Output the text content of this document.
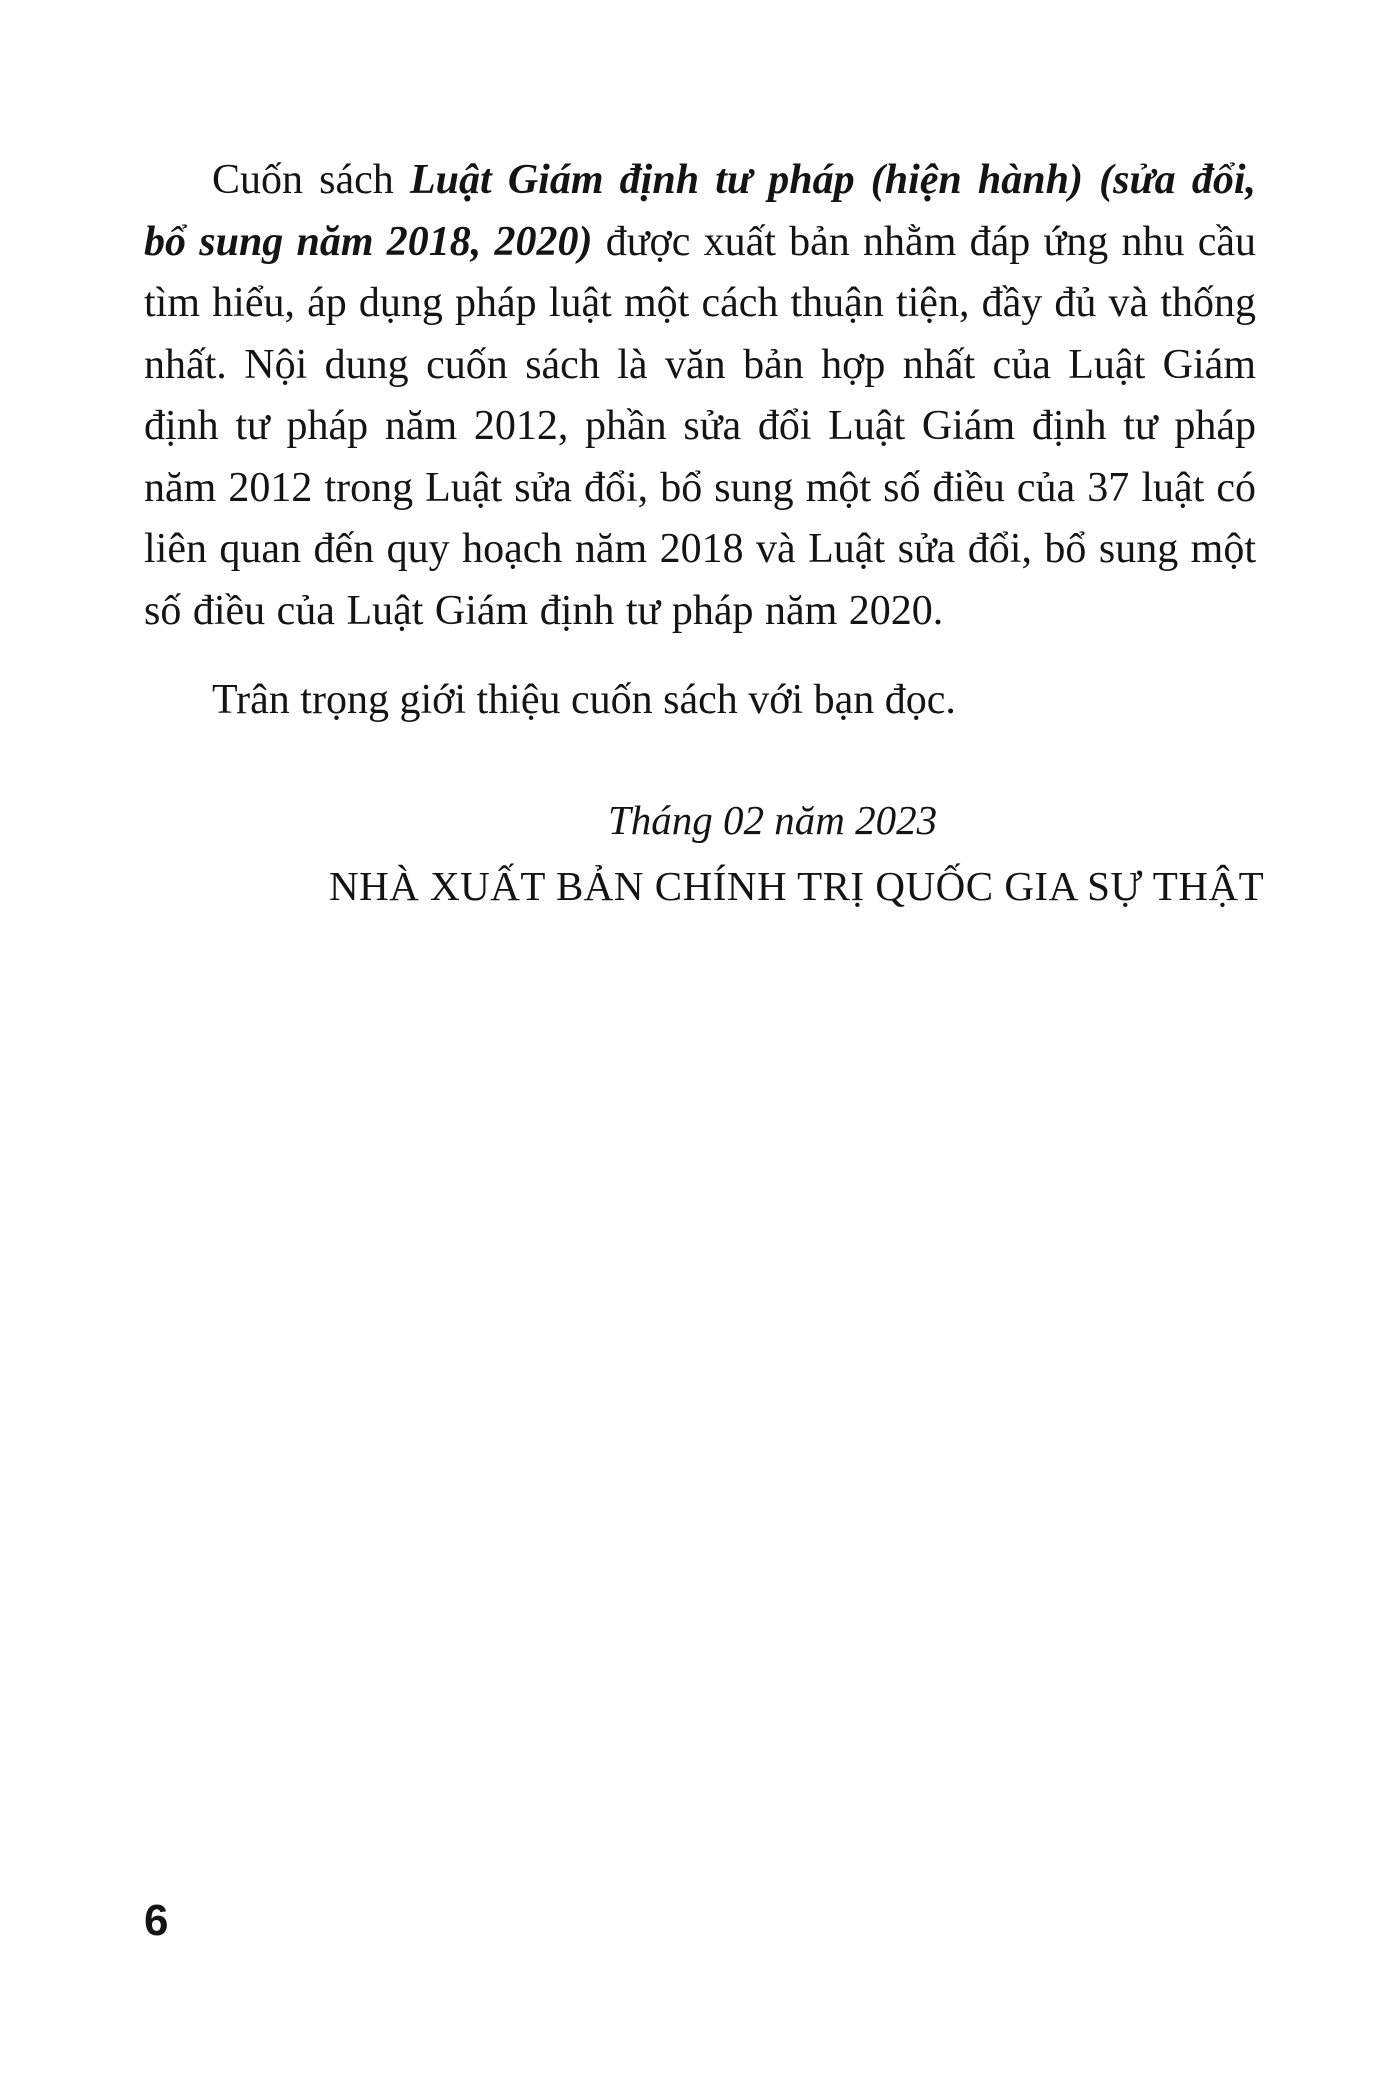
Cuốn sách Luật Giám định tư pháp (hiện hành) (sửa đổi, bổ sung năm 2018, 2020) được xuất bản nhằm đáp ứng nhu cầu tìm hiểu, áp dụng pháp luật một cách thuận tiện, đầy đủ và thống nhất. Nội dung cuốn sách là văn bản hợp nhất của Luật Giám định tư pháp năm 2012, phần sửa đổi Luật Giám định tư pháp năm 2012 trong Luật sửa đổi, bổ sung một số điều của 37 luật có liên quan đến quy hoạch năm 2018 và Luật sửa đổi, bổ sung một số điều của Luật Giám định tư pháp năm 2020.

Trân trọng giới thiệu cuốn sách với bạn đọc.
Tháng 02 năm 2023
NHÀ XUẤT BẢN CHÍNH TRỊ QUỐC GIA SỰ THẬT
6
